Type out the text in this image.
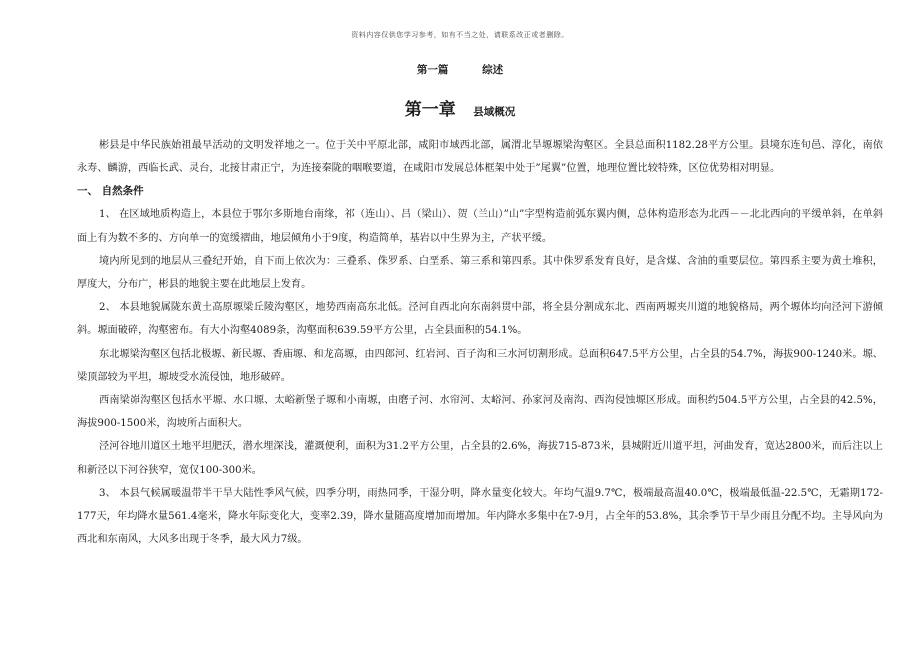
资料内容仅供您学习参考，如有不当之处，请联系改正或者删除。
第一篇	综述
第一章 县域概况

彬县是中华民族始祖最早活动的文明发祥地之一。位于关中平原北部，咸阳市域西北部，属渭北旱塬塬梁沟壑区。全县总面积1182.28平方公里。县境东连旬邑、淳化，南依永寿、麟游，西临长武、灵台，北接甘肃正宁，为连接秦陇的咽喉要道，在咸阳市发展总体框架中处于”尾翼”位置，地理位置比较特殊，区位优势相对明显。

一、 自然条件

1、 在区域地质构造上，本县位于鄂尔多斯地台南缘，祁（连山）、吕（梁山）、贺（兰山）”山”字型构造前弧东翼内侧，总体构造形态为北西－－北北西向的平缓单斜，在单斜面上有为数不多的、方向单一的宽缓褶曲，地层倾角小于9度，构造简单，基岩以中生界为主，产状平缓。

境内所见到的地层从三叠纪开始，自下而上依次为：三叠系、侏罗系、白垩系、第三系和第四系。其中侏罗系发育良好，是含煤、含油的重要层位。第四系主要为黄土堆积，厚度大，分布广，彬县的地貌主要在此地层上发育。

2、 本县地貌属陇东黄土高原塬梁丘陵沟壑区，地势西南高东北低。泾河自西北向东南斜贯中部，将全县分割成东北、西南两塬夹川道的地貌格局，两个塬体均向泾河下游倾斜。塬面破碎，沟壑密布。有大小沟壑4089条，沟壑面积639.59平方公里，占全县面积的54.1%。

东北塬梁沟壑区包括北极塬、新民塬、香庙塬、和龙高塬，由四郎河、红岩河、百子沟和三水河切割形成。总面积647.5平方公里，占全县的54.7%，海拔900-1240米。塬、梁顶部较为平坦，塬坡受水流侵蚀，地形破碎。

西南梁峁沟壑区包括水平塬、水口塬、太峪新堡子塬和小南塬，由磨子河、水帘河、太峪河、孙家河及南沟、西沟侵蚀塬区形成。面积约504.5平方公里，占全县的42.5%，海拔900-1500米，沟坡所占面积大。

泾河谷地川道区土地平坦肥沃，潜水埋深浅，灌溉便利，面积为31.2平方公里，占全县的2.6%，海拔715-873米，县城附近川道平坦，河曲发育，宽达2800米，而后注以上和新泾以下河谷狭窄，宽仅100-300米。

3、 本县气候属暖温带半干旱大陆性季风气候，四季分明，雨热同季，干湿分明，降水量变化较大。年均气温9.7℃，极端最高温40.0℃，极端最低温-22.5℃，无霜期172-177天，年均降水量561.4毫米，降水年际变化大，变率2.39，降水量随高度增加而增加。年内降水多集中在7-9月，占全年的53.8%，其余季节干旱少雨且分配不均。主导风向为西北和东南风，大风多出现于冬季，最大风力7级。
